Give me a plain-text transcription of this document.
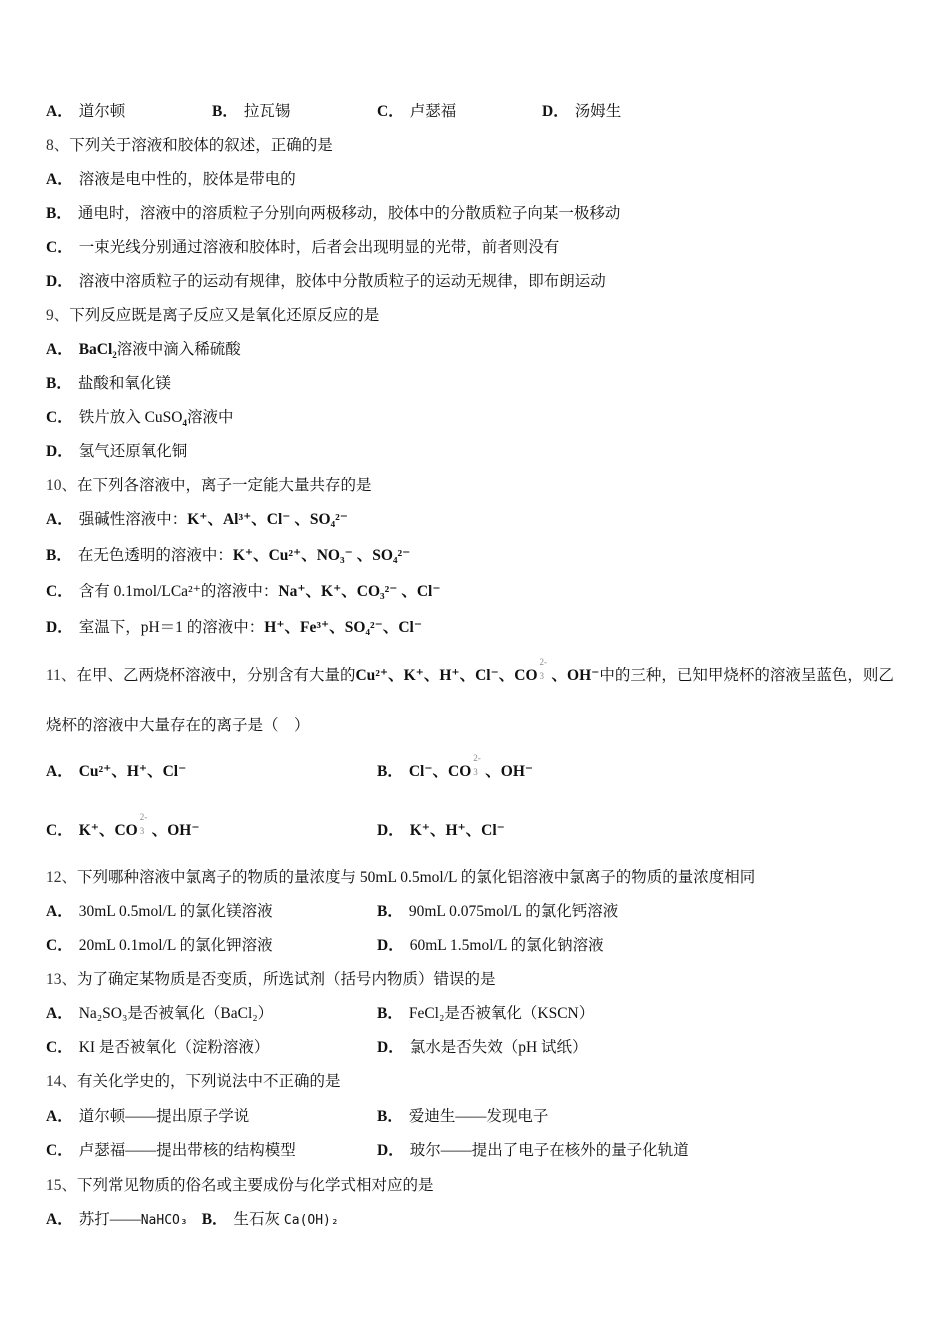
A． 道尔顿	B． 拉瓦锡	C． 卢瑟福	D． 汤姆生
8、下列关于溶液和胶体的叙述，正确的是
A． 溶液是电中性的，胶体是带电的
B． 通电时，溶液中的溶质粒子分别向两极移动，胶体中的分散质粒子向某一极移动
C． 一束光线分别通过溶液和胶体时，后者会出现明显的光带，前者则没有
D． 溶液中溶质粒子的运动有规律，胶体中分散质粒子的运动无规律，即布朗运动
9、下列反应既是离子反应又是氧化还原反应的是
A． BaCl$_2$溶液中滴入稀硫酸
B． 盐酸和氧化镁
C． 铁片放入 CuSO$_4$溶液中
D． 氢气还原氧化铜
10、在下列各溶液中，离子一定能大量共存的是
A． 强碱性溶液中：K⁺、Al³⁺、Cl⁻ 、SO₄²⁻
B． 在无色透明的溶液中：K⁺、Cu²⁺、NO₃⁻ 、SO₄²⁻
C． 含有 0.1mol/LCa²⁺的溶液中：Na⁺、K⁺、CO₃²⁻ 、Cl⁻
D． 室温下，pH＝1 的溶液中：H⁺、Fe³⁺、SO₄²⁻、Cl⁻
11、在甲、乙两烧杯溶液中，分别含有大量的Cu²⁺、K⁺、H⁺、Cl⁻、CO
2-
3 、OH⁻中的三种，已知甲烧杯的溶液呈蓝色，则乙
烧杯的溶液中大量存在的离子是（　）
A． Cu²⁺、H⁺、Cl⁻	B． Cl⁻、CO
2-
3 、OH⁻
C． K⁺、CO
2-
3 、OH⁻	D． K⁺、H⁺、Cl⁻
12、下列哪种溶液中氯离子的物质的量浓度与 50mL 0.5mol/L 的氯化铝溶液中氯离子的物质的量浓度相同
A． 30mL 0.5mol/L 的氯化镁溶液	B． 90mL 0.075mol/L 的氯化钙溶液
C． 20mL 0.1mol/L 的氯化钾溶液	D． 60mL 1.5mol/L 的氯化钠溶液
13、为了确定某物质是否变质，所选试剂（括号内物质）错误的是
A． Na₂SO₃是否被氧化（BaCl₂）	B． FeCl₂是否被氧化（KSCN）
C． KI 是否被氧化（淀粉溶液）	D． 氯水是否失效（pH 试纸）
14、有关化学史的，下列说法中不正确的是
A． 道尔顿——提出原子学说	B． 爱迪生——发现电子
C． 卢瑟福——提出带核的结构模型	D． 玻尔——提出了电子在核外的量子化轨道
15、下列常见物质的俗名或主要成份与化学式相对应的是
A． 苏打——NaHCO₃ B． 生石灰 Ca(OH)₂
